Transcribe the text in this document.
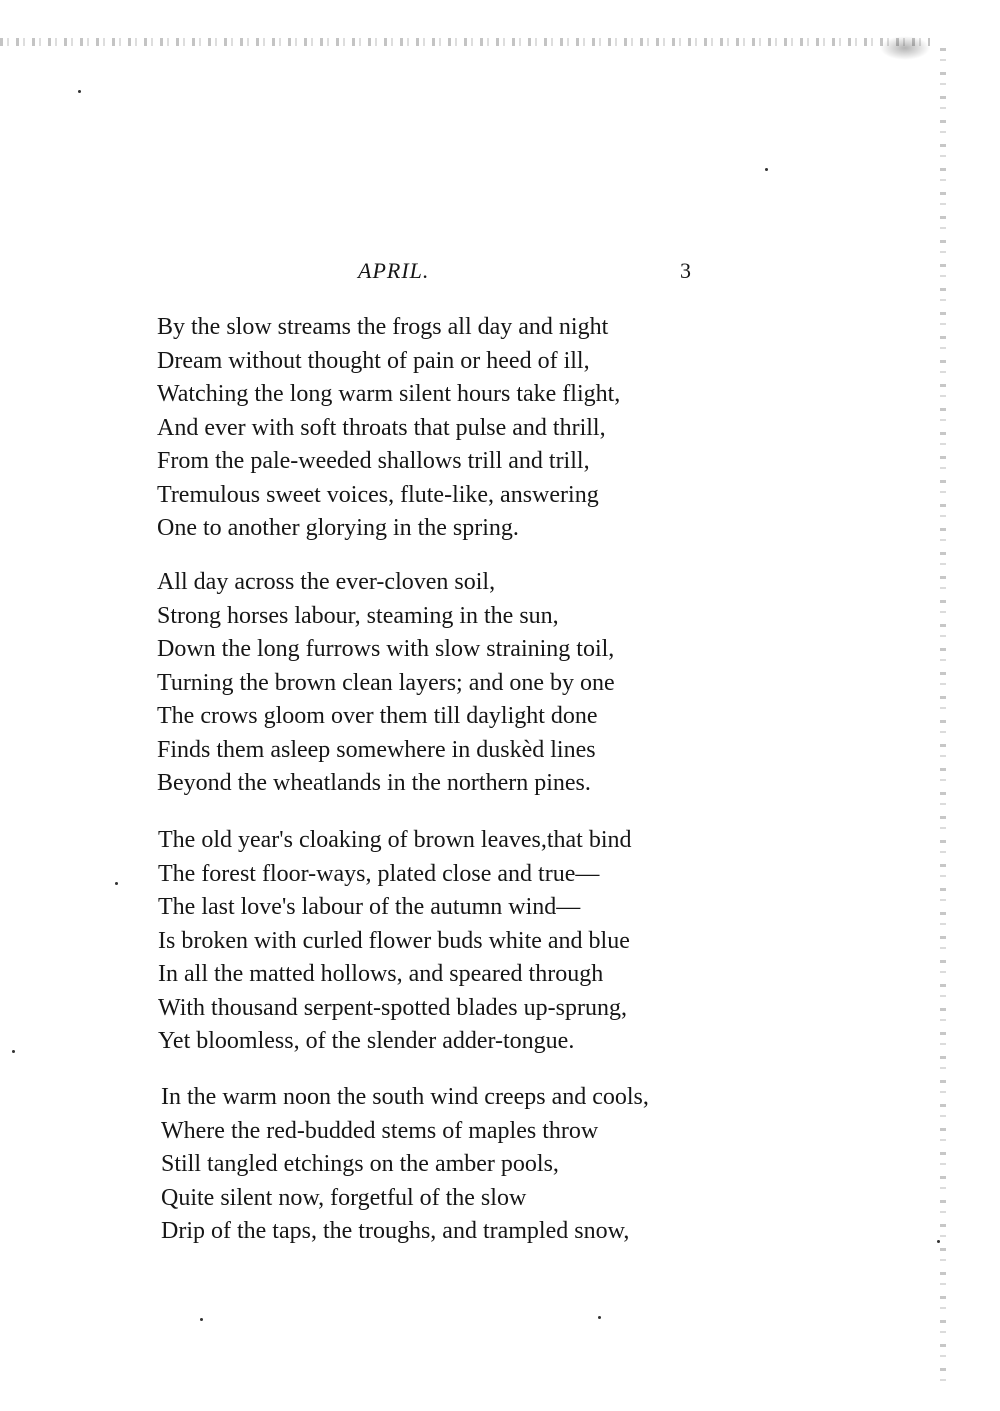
APRIL.	3
By the slow streams the frogs all day and night
Dream without thought of pain or heed of ill,
Watching the long warm silent hours take flight,
And ever with soft throats that pulse and thrill,
From the pale-weeded shallows trill and trill,
Tremulous sweet voices, flute-like, answering
One to another glorying in the spring.
All day across the ever-cloven soil,
Strong horses labour, steaming in the sun,
Down the long furrows with slow straining toil,
Turning the brown clean layers; and one by one
The crows gloom over them till daylight done
Finds them asleep somewhere in duskèd lines
Beyond the wheatlands in the northern pines.
The old year's cloaking of brown leaves,that bind
The forest floor-ways, plated close and true—
The last love's labour of the autumn wind—
Is broken with curled flower buds white and blue
In all the matted hollows, and speared through
With thousand serpent-spotted blades up-sprung,
Yet bloomless, of the slender adder-tongue.
In the warm noon the south wind creeps and cools,
Where the red-budded stems of maples throw
Still tangled etchings on the amber pools,
Quite silent now, forgetful of the slow
Drip of the taps, the troughs, and trampled snow,
